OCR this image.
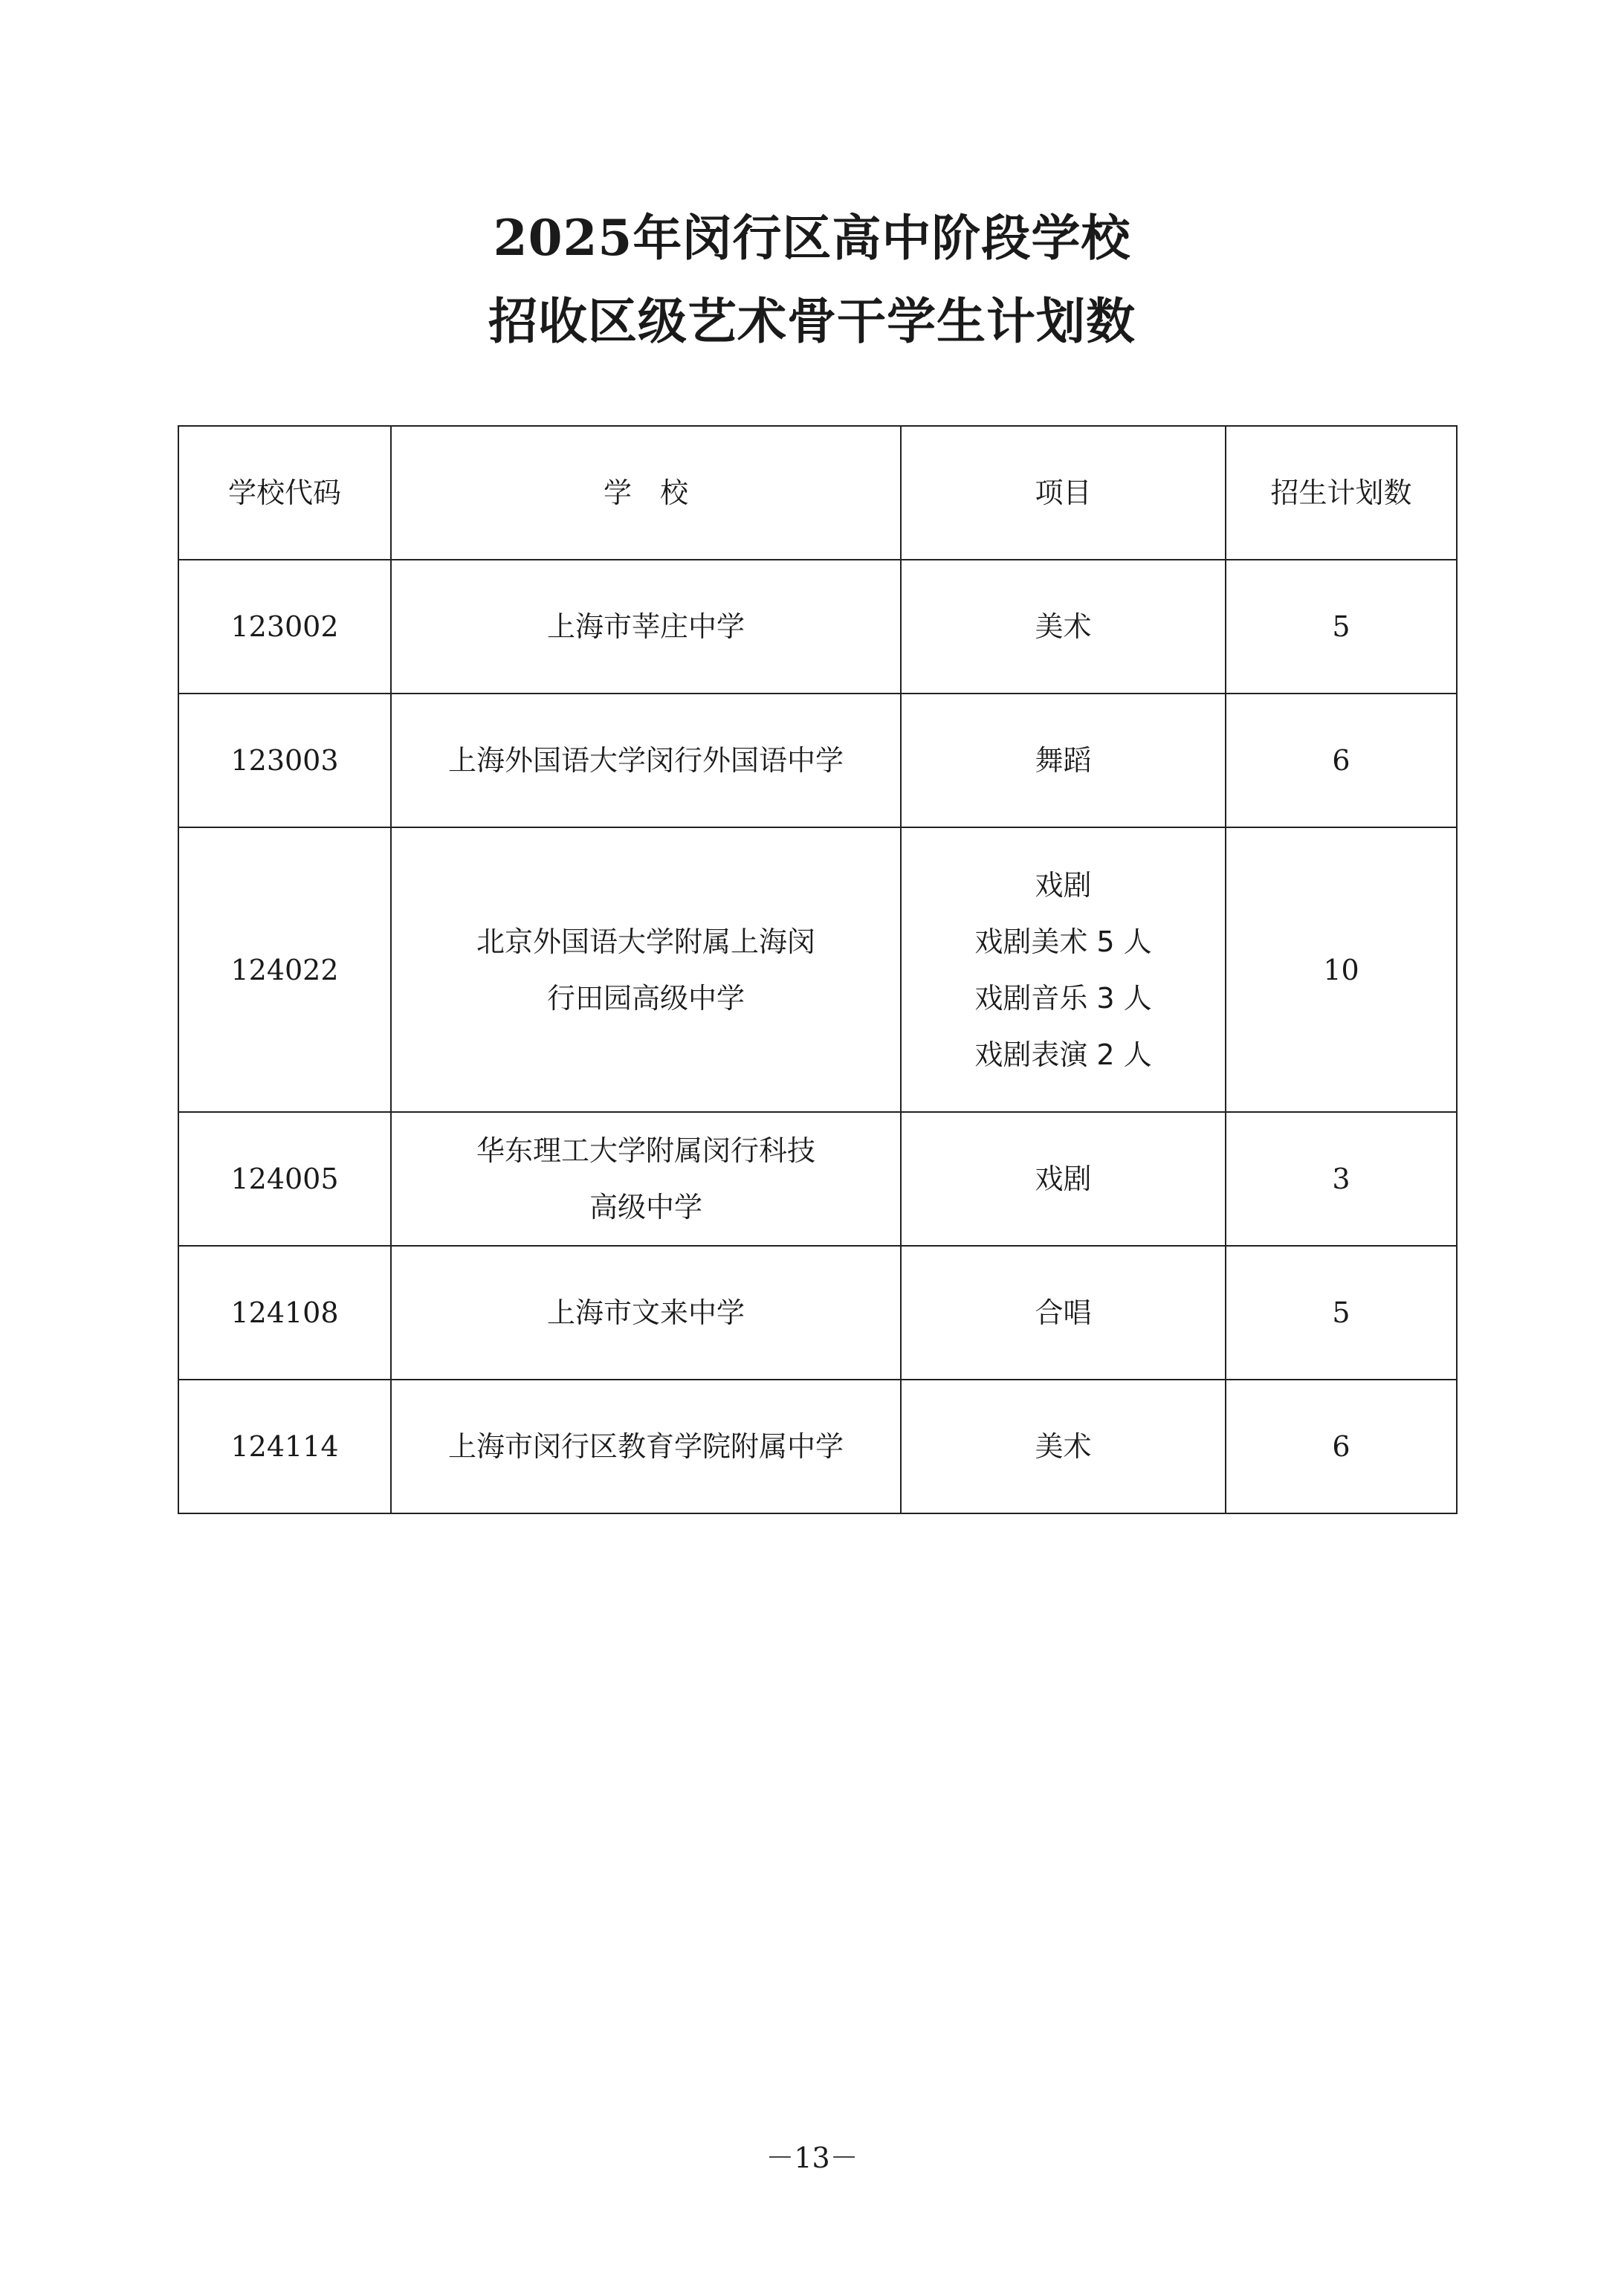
2025年闵行区高中阶段学校
招收区级艺术骨干学生计划数
学校代码	学　校	项目	招生计划数
123002	上海市莘庄中学	美术	5
123003	上海外国语大学闵行外国语中学	舞蹈	6
124022	北京外国语大学附属上海闵
行田园高级中学	戏剧
戏剧美术 5 人
戏剧音乐 3 人
戏剧表演 2 人	10
124005	华东理工大学附属闵行科技
高级中学	戏剧	3
124108	上海市文来中学	合唱	5
124114	上海市闵行区教育学院附属中学	美术	6
－13－
